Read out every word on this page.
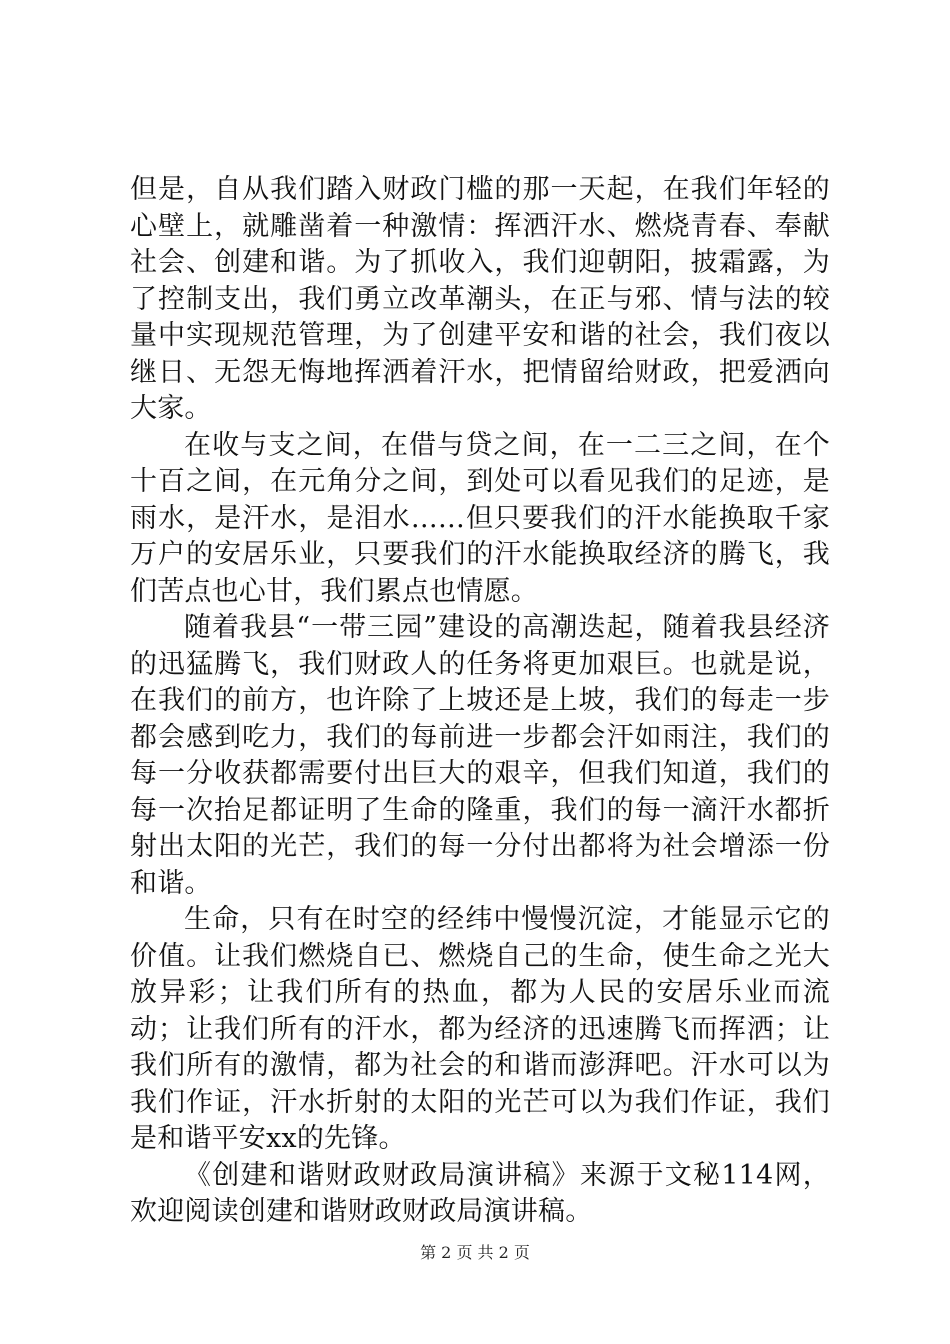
但是，自从我们踏入财政门槛的那一天起，在我们年轻的心壁上，就雕凿着一种激情：挥洒汗水、燃烧青春、奉献社会、创建和谐。为了抓收入，我们迎朝阳，披霜露，为了控制支出，我们勇立改革潮头，在正与邪、情与法的较量中实现规范管理，为了创建平安和谐的社会，我们夜以继日、无怨无悔地挥洒着汗水，把情留给财政，把爱洒向大家。

在收与支之间，在借与贷之间，在一二三之间，在个十百之间，在元角分之间，到处可以看见我们的足迹，是雨水，是汗水，是泪水……但只要我们的汗水能换取千家万户的安居乐业，只要我们的汗水能换取经济的腾飞，我们苦点也心甘，我们累点也情愿。

随着我县“一带三园”建设的高潮迭起，随着我县经济的迅猛腾飞，我们财政人的任务将更加艰巨。也就是说，在我们的前方，也许除了上坡还是上坡，我们的每走一步都会感到吃力，我们的每前进一步都会汗如雨注，我们的每一分收获都需要付出巨大的艰辛，但我们知道，我们的每一次抬足都证明了生命的隆重，我们的每一滴汗水都折射出太阳的光芒，我们的每一分付出都将为社会增添一份和谐。

生命，只有在时空的经纬中慢慢沉淀，才能显示它的价值。让我们燃烧自已、燃烧自己的生命，使生命之光大放异彩；让我们所有的热血，都为人民的安居乐业而流动；让我们所有的汗水，都为经济的迅速腾飞而挥洒；让我们所有的激情，都为社会的和谐而澎湃吧。汗水可以为我们作证，汗水折射的太阳的光芒可以为我们作证，我们是和谐平安xx的先锋。

《创建和谐财政财政局演讲稿》来源于文秘114网，欢迎阅读创建和谐财政财政局演讲稿。

第 2 页 共 2 页
